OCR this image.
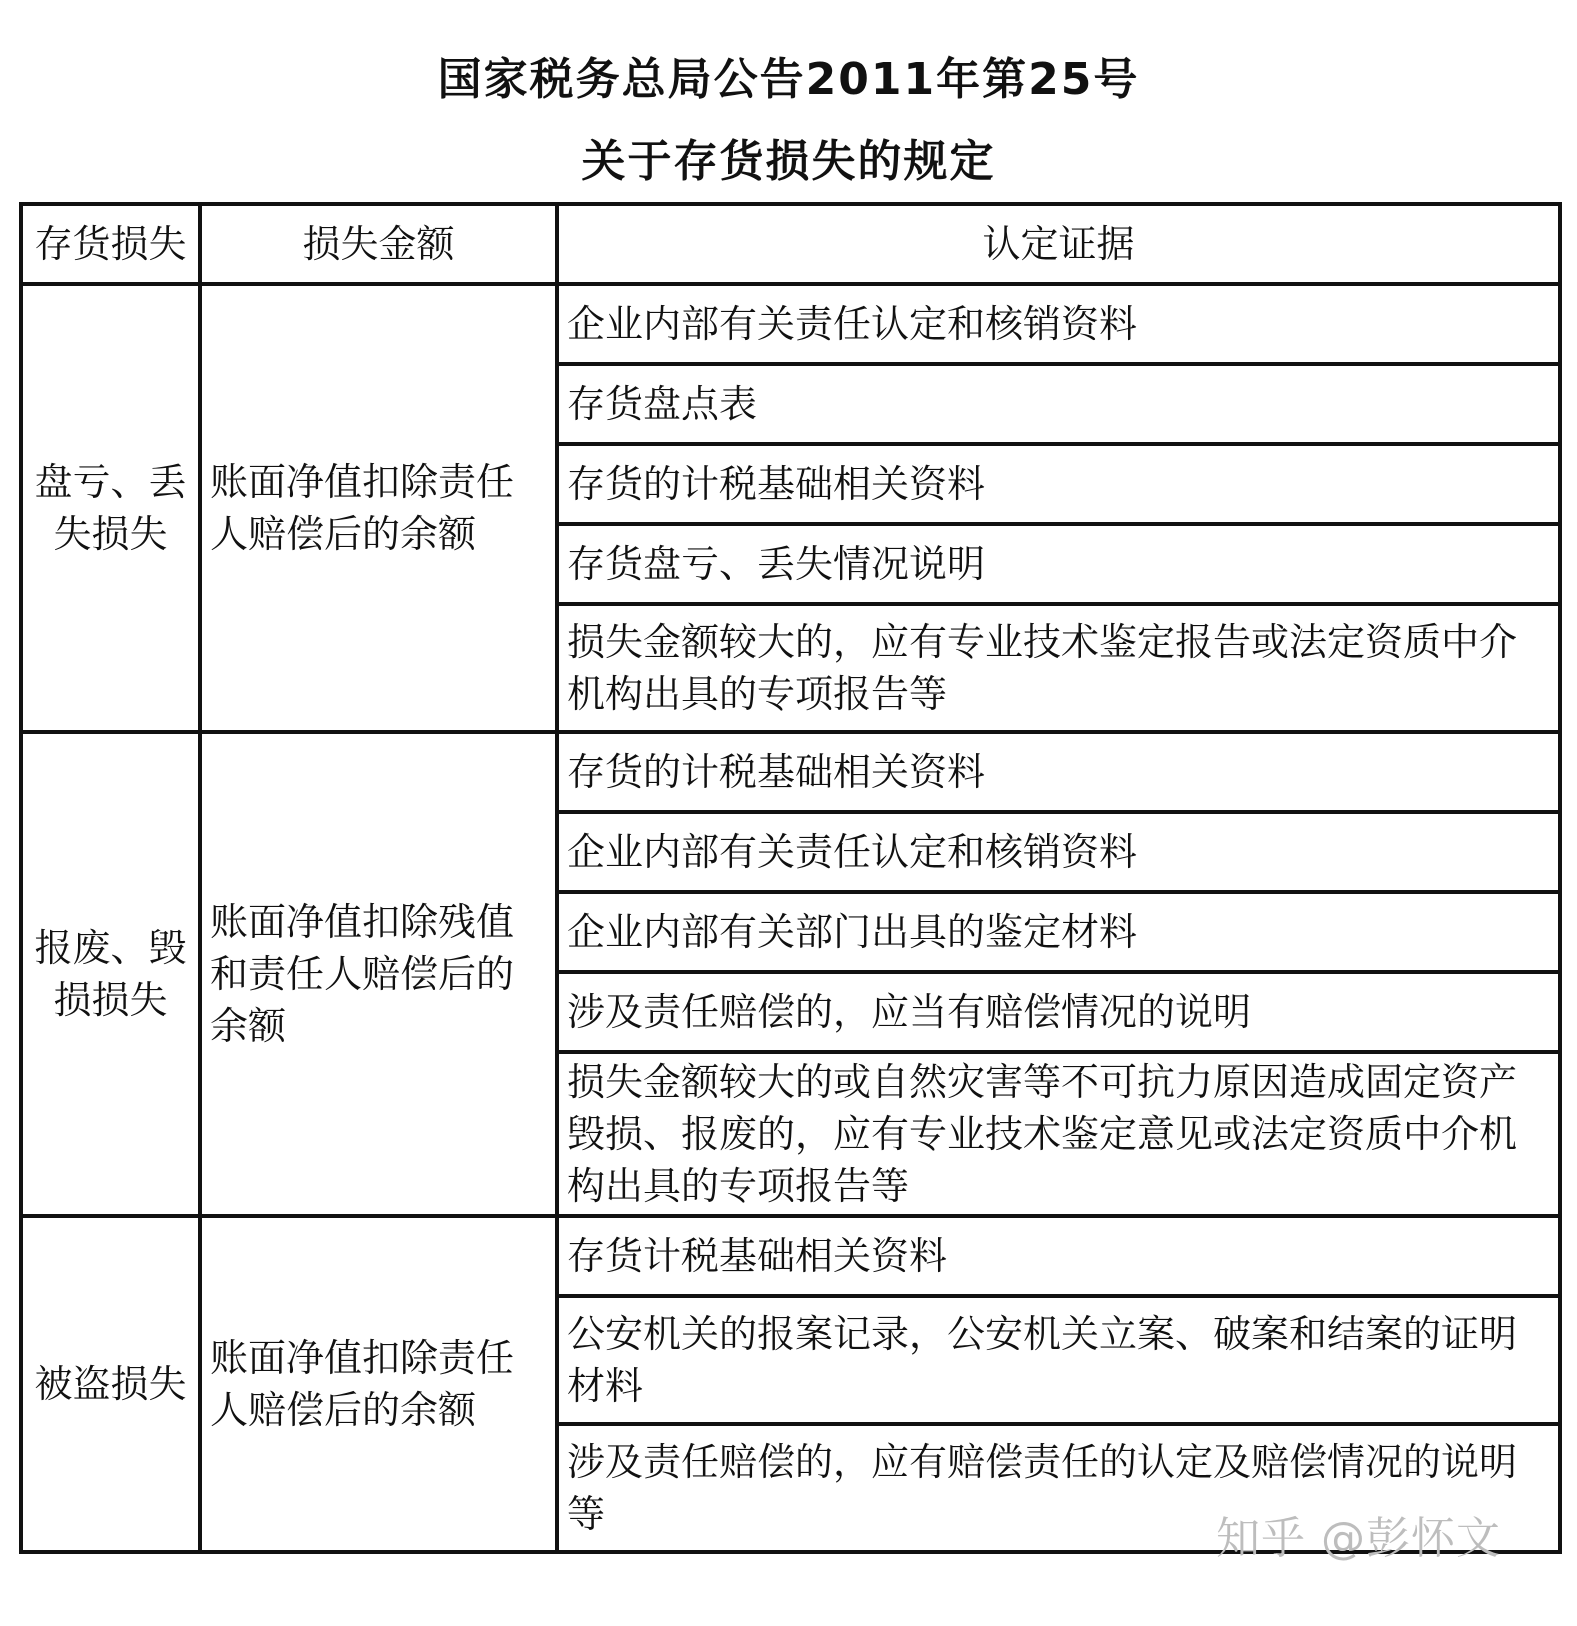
国家税务总局公告2011年第25号
关于存货损失的规定
存货损失	损失金额	认定证据
盘亏、丢失损失	账面净值扣除责任人赔偿后的余额	企业内部有关责任认定和核销资料
		存货盘点表
		存货的计税基础相关资料
		存货盘亏、丢失情况说明
		损失金额较大的，应有专业技术鉴定报告或法定资质中介机构出具的专项报告等
报废、毁损损失	账面净值扣除残值和责任人赔偿后的余额	存货的计税基础相关资料
		企业内部有关责任认定和核销资料
		企业内部有关部门出具的鉴定材料
		涉及责任赔偿的，应当有赔偿情况的说明
		损失金额较大的或自然灾害等不可抗力原因造成固定资产毁损、报废的，应有专业技术鉴定意见或法定资质中介机构出具的专项报告等
被盗损失	账面净值扣除责任人赔偿后的余额	存货计税基础相关资料
		公安机关的报案记录，公安机关立案、破案和结案的证明材料
		涉及责任赔偿的，应有赔偿责任的认定及赔偿情况的说明等	知乎 @彭怀文
